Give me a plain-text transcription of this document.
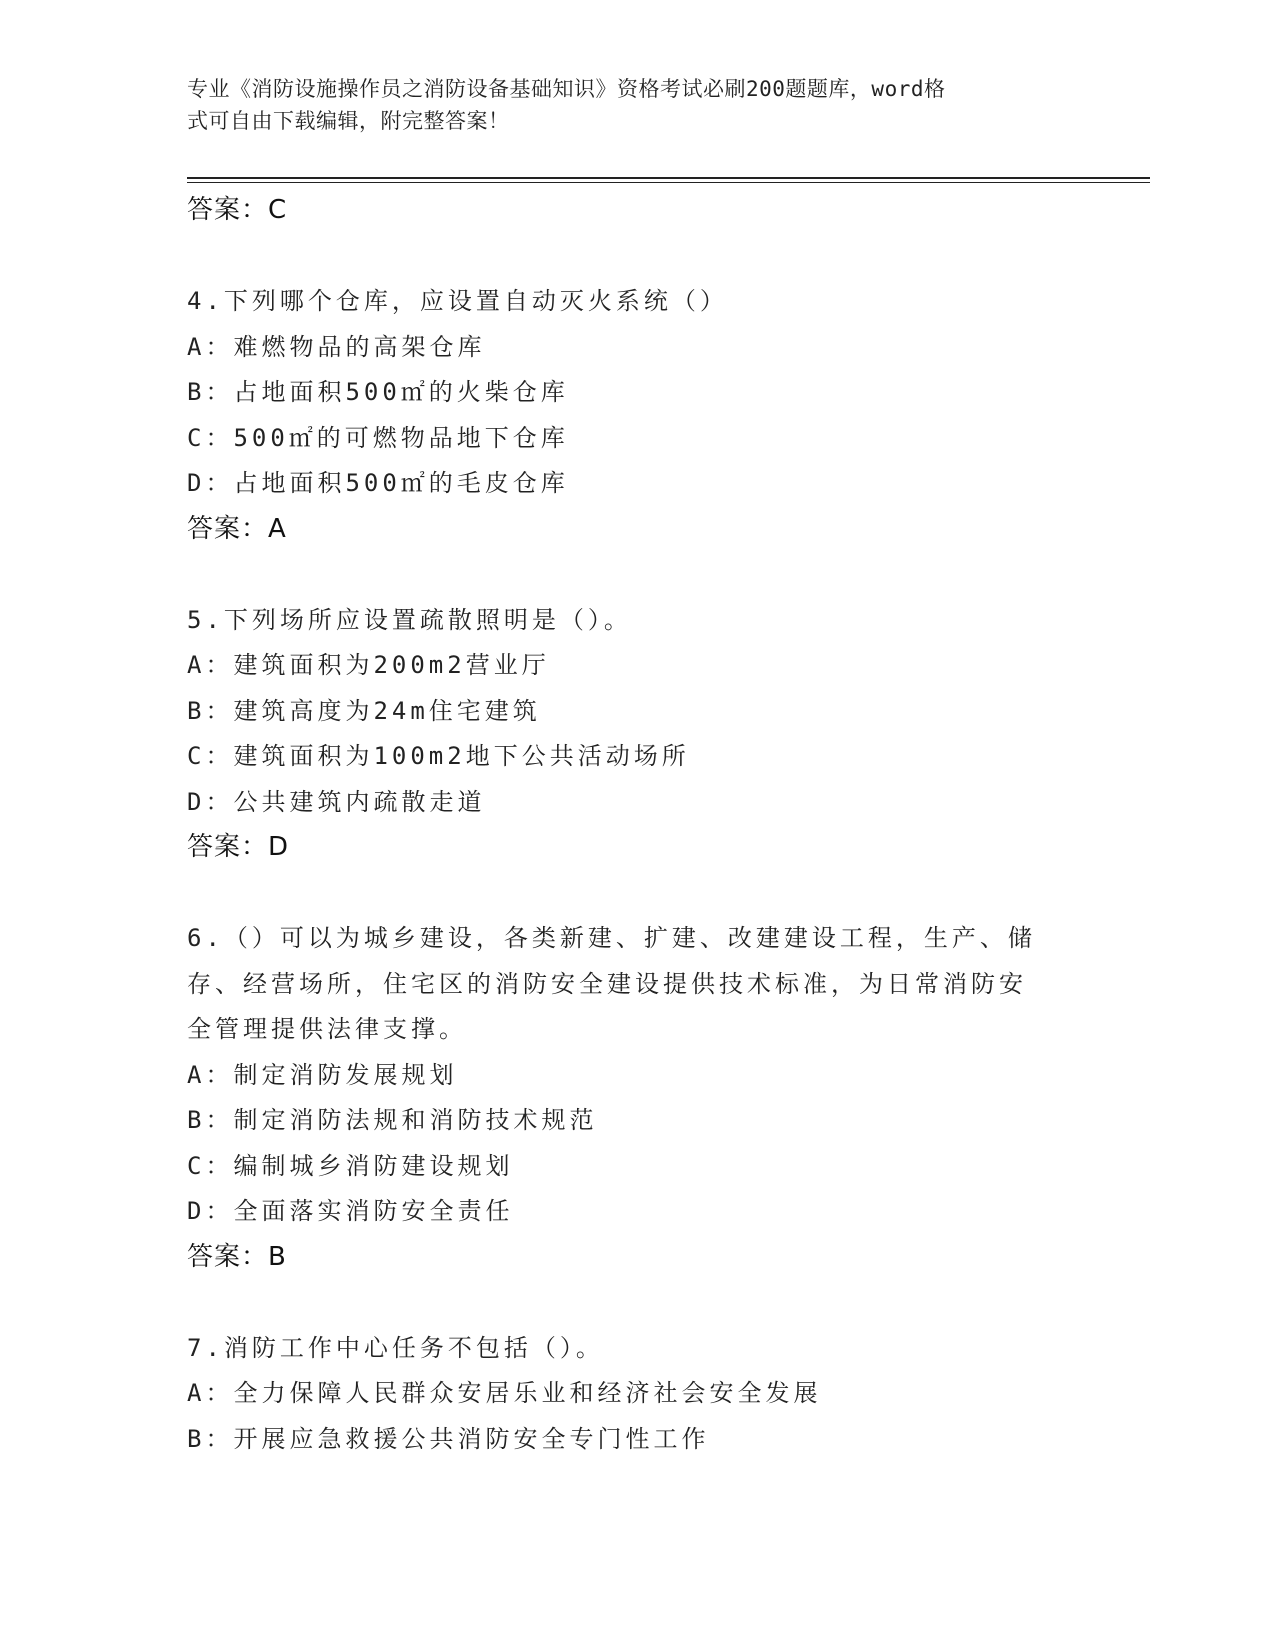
专业《消防设施操作员之消防设备基础知识》资格考试必刷200题题库，word格
式可自由下载编辑，附完整答案！
答案：C
4.下列哪个仓库，应设置自动灭火系统（）
A：难燃物品的高架仓库
B：占地面积500㎡的火柴仓库
C：500㎡的可燃物品地下仓库
D：占地面积500㎡的毛皮仓库
答案：A
5.下列场所应设置疏散照明是（）。
A：建筑面积为200m2营业厅
B：建筑高度为24m住宅建筑
C：建筑面积为100m2地下公共活动场所
D：公共建筑内疏散走道
答案：D
6.（）可以为城乡建设，各类新建、扩建、改建建设工程，生产、储
存、经营场所，住宅区的消防安全建设提供技术标准，为日常消防安
全管理提供法律支撑。
A：制定消防发展规划
B：制定消防法规和消防技术规范
C：编制城乡消防建设规划
D：全面落实消防安全责任
答案：B
7.消防工作中心任务不包括（）。
A：全力保障人民群众安居乐业和经济社会安全发展
B：开展应急救援公共消防安全专门性工作
